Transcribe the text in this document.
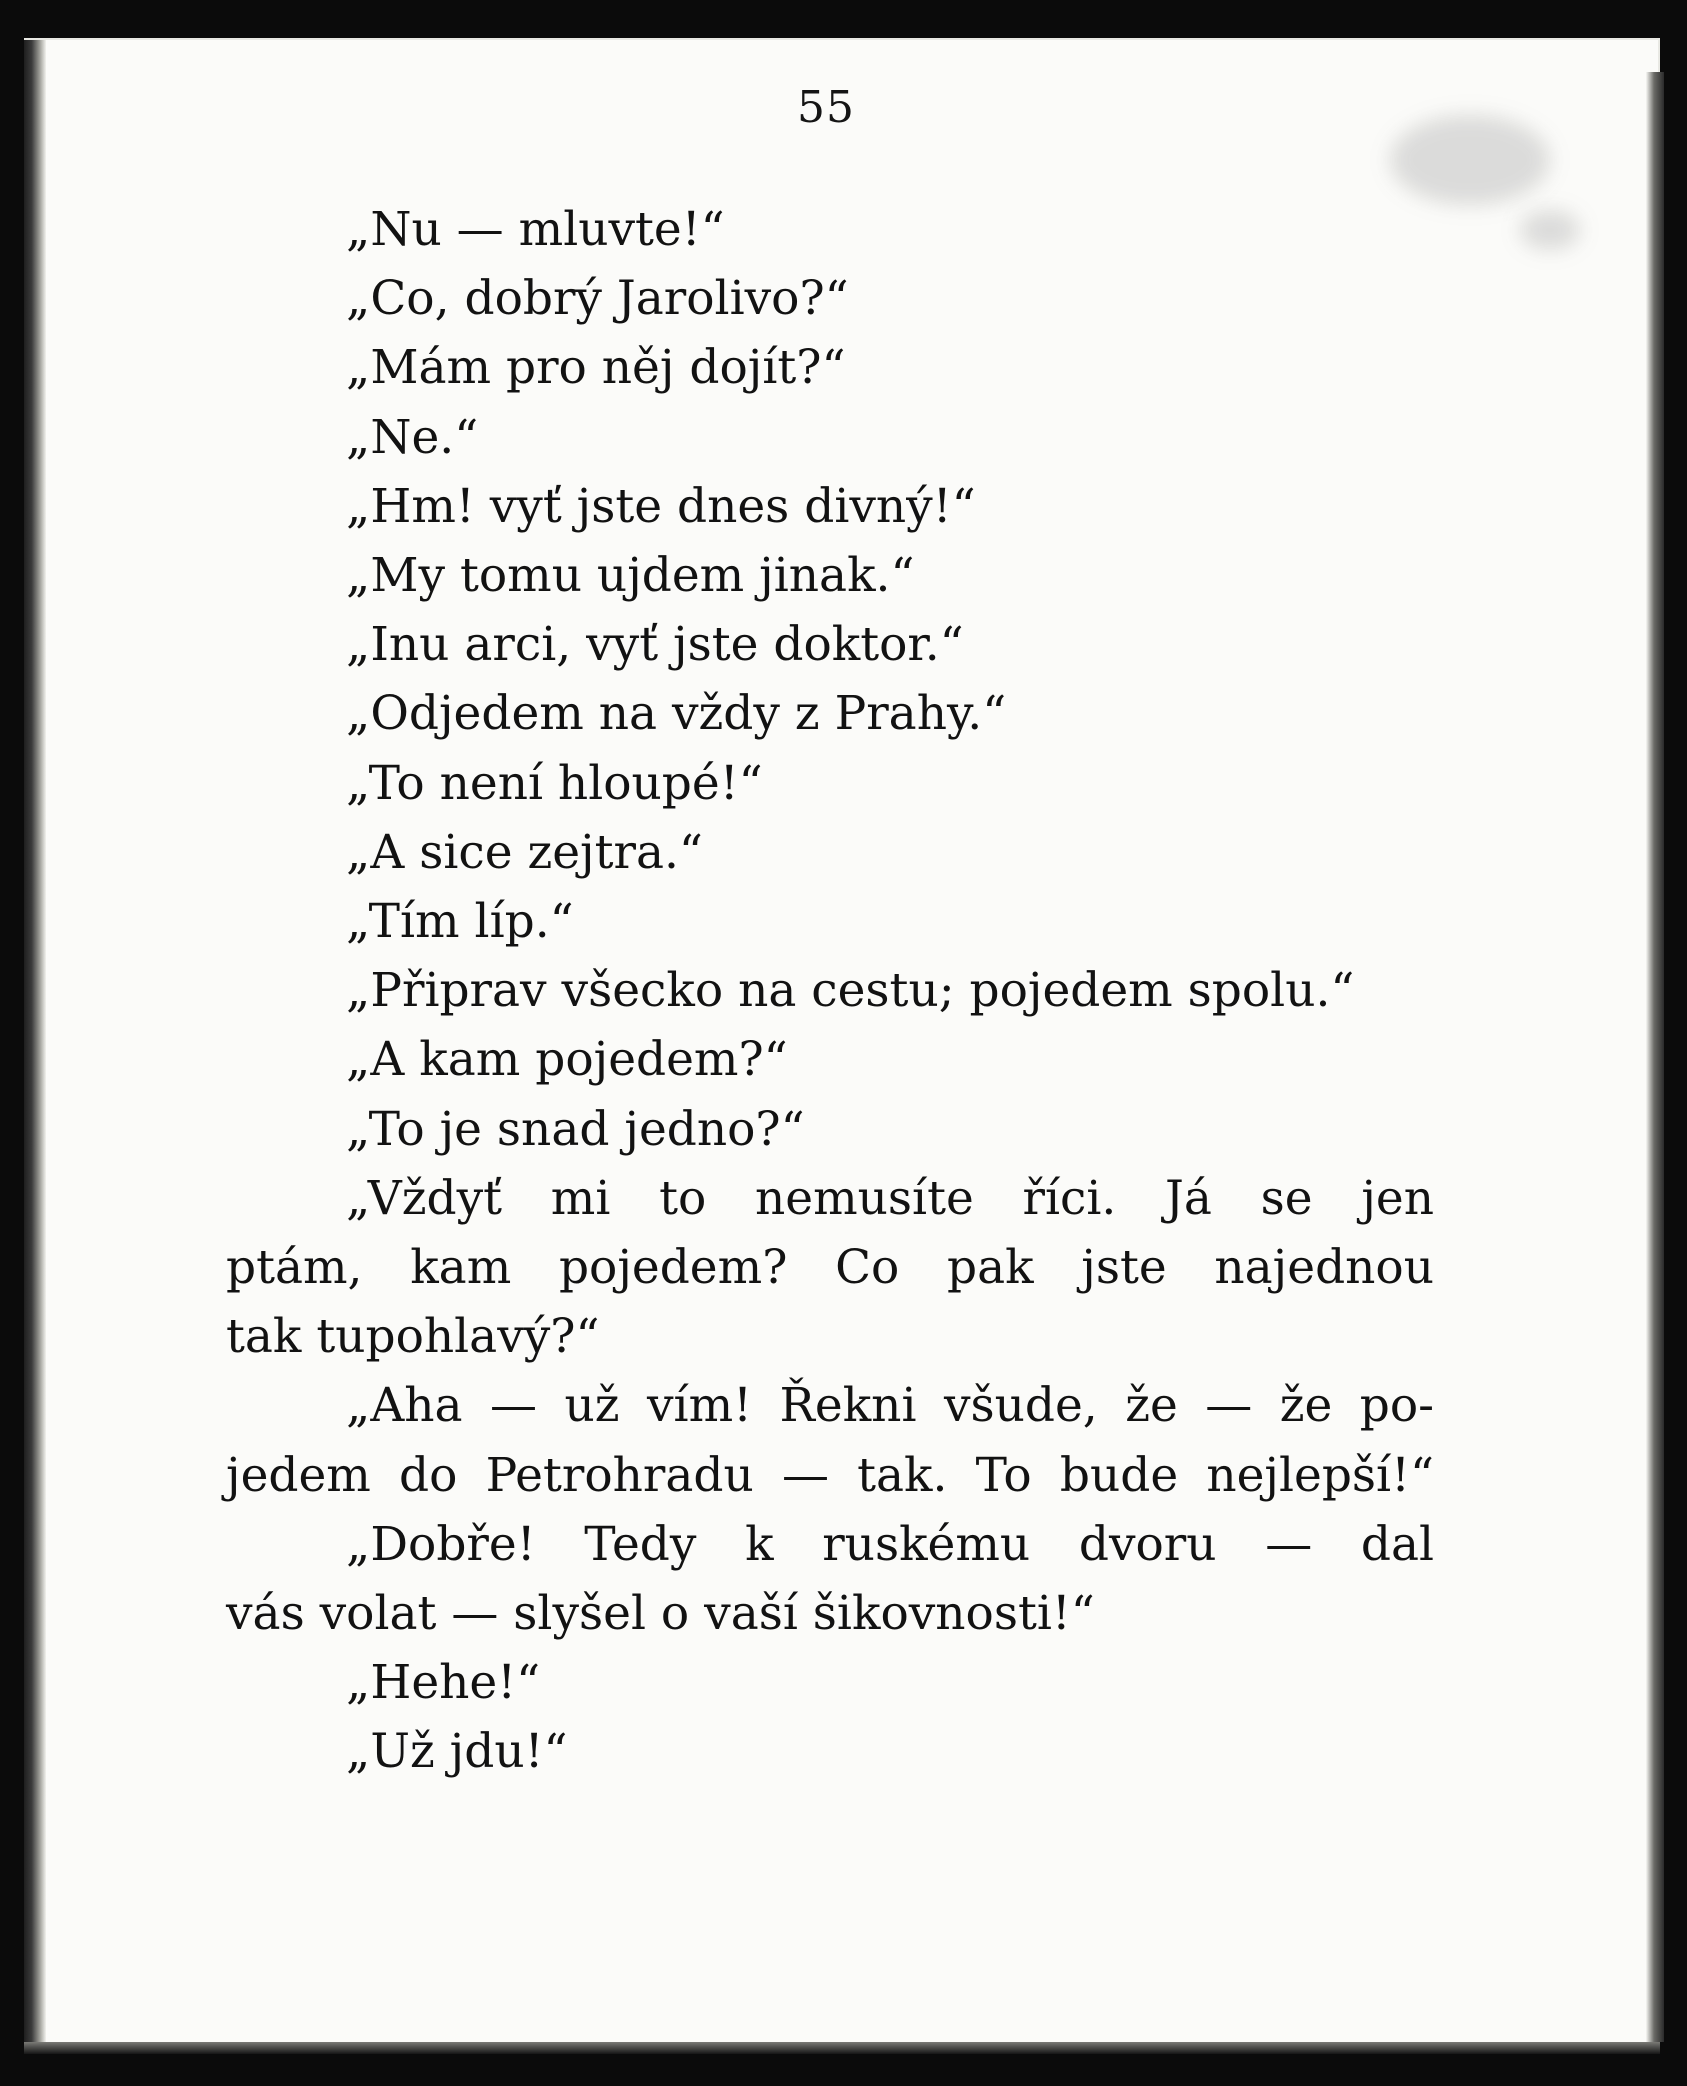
55
„Nu — mluvte!“
„Co, dobrý Jarolivo?“
„Mám pro něj dojít?“
„Ne.“
„Hm! vyť jste dnes divný!“
„My tomu ujdem jinak.“
„Inu arci, vyť jste doktor.“
„Odjedem na vždy z Prahy.“
„To není hloupé!“
„A sice zejtra.“
„Tím líp.“
„Připrav všecko na cestu; pojedem spolu.“
„A kam pojedem?“
„To je snad jedno?“
„Vždyť mi to nemusíte říci. Já se jen
ptám, kam pojedem? Co pak jste najednou
tak tupohlavý?“
„Aha — už vím! Řekni všude, že — že po-
jedem do Petrohradu — tak. To bude nejlepší!“
„Dobře! Tedy k ruskému dvoru — dal
vás volat — slyšel o vaší šikovnosti!“
„Hehe!“
„Už jdu!“
